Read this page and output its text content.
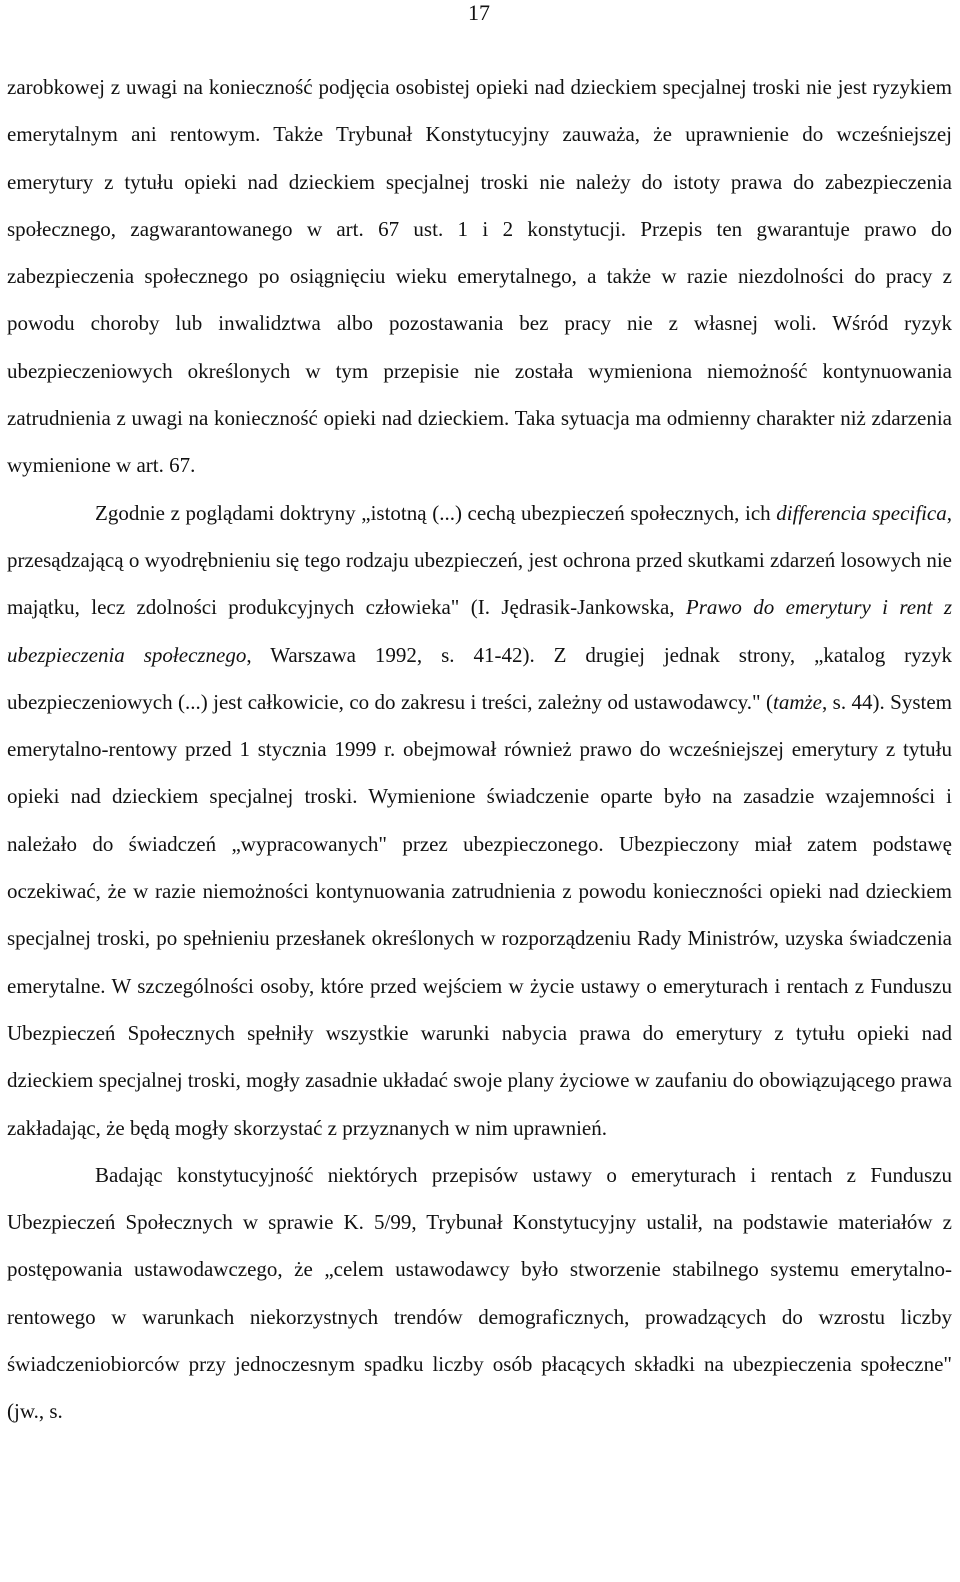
17

zarobkowej z uwagi na konieczność podjęcia osobistej opieki nad dzieckiem specjalnej troski nie jest ryzykiem emerytalnym ani rentowym. Także Trybunał Konstytucyjny zauważa, że uprawnienie do wcześniejszej emerytury z tytułu opieki nad dzieckiem specjalnej troski nie należy do istoty prawa do zabezpieczenia społecznego, zagwarantowanego w art. 67 ust. 1 i 2 konstytucji. Przepis ten gwarantuje prawo do zabezpieczenia społecznego po osiągnięciu wieku emerytalnego, a także w razie niezdolności do pracy z powodu choroby lub inwalidztwa albo pozostawania bez pracy nie z własnej woli. Wśród ryzyk ubezpieczeniowych określonych w tym przepisie nie została wymieniona niemożność kontynuowania zatrudnienia z uwagi na konieczność opieki nad dzieckiem. Taka sytuacja ma odmienny charakter niż zdarzenia wymienione w art. 67.

Zgodnie z poglądami doktryny „istotną (...) cechą ubezpieczeń społecznych, ich differencia specifica, przesądzającą o wyodrębnieniu się tego rodzaju ubezpieczeń, jest ochrona przed skutkami zdarzeń losowych nie majątku, lecz zdolności produkcyjnych człowieka" (I. Jędrasik-Jankowska, Prawo do emerytury i rent z ubezpieczenia społecznego, Warszawa 1992, s. 41-42). Z drugiej jednak strony, „katalog ryzyk ubezpieczeniowych (...) jest całkowicie, co do zakresu i treści, zależny od ustawodawcy." (tamże, s. 44). System emerytalno-rentowy przed 1 stycznia 1999 r. obejmował również prawo do wcześniejszej emerytury z tytułu opieki nad dzieckiem specjalnej troski. Wymienione świadczenie oparte było na zasadzie wzajemności i należało do świadczeń „wypracowanych" przez ubezpieczonego. Ubezpieczony miał zatem podstawę oczekiwać, że w razie niemożności kontynuowania zatrudnienia z powodu konieczności opieki nad dzieckiem specjalnej troski, po spełnieniu przesłanek określonych w rozporządzeniu Rady Ministrów, uzyska świadczenia emerytalne. W szczególności osoby, które przed wejściem w życie ustawy o emeryturach i rentach z Funduszu Ubezpieczeń Społecznych spełniły wszystkie warunki nabycia prawa do emerytury z tytułu opieki nad dzieckiem specjalnej troski, mogły zasadnie układać swoje plany życiowe w zaufaniu do obowiązującego prawa zakładając, że będą mogły skorzystać z przyznanych w nim uprawnień.

Badając konstytucyjność niektórych przepisów ustawy o emeryturach i rentach z Funduszu Ubezpieczeń Społecznych w sprawie K. 5/99, Trybunał Konstytucyjny ustalił, na podstawie materiałów z postępowania ustawodawczego, że „celem ustawodawcy było stworzenie stabilnego systemu emerytalno-rentowego w warunkach niekorzystnych trendów demograficznych, prowadzących do wzrostu liczby świadczeniobiorców przy jednoczesnym spadku liczby osób płacących składki na ubezpieczenia społeczne" (jw., s.
